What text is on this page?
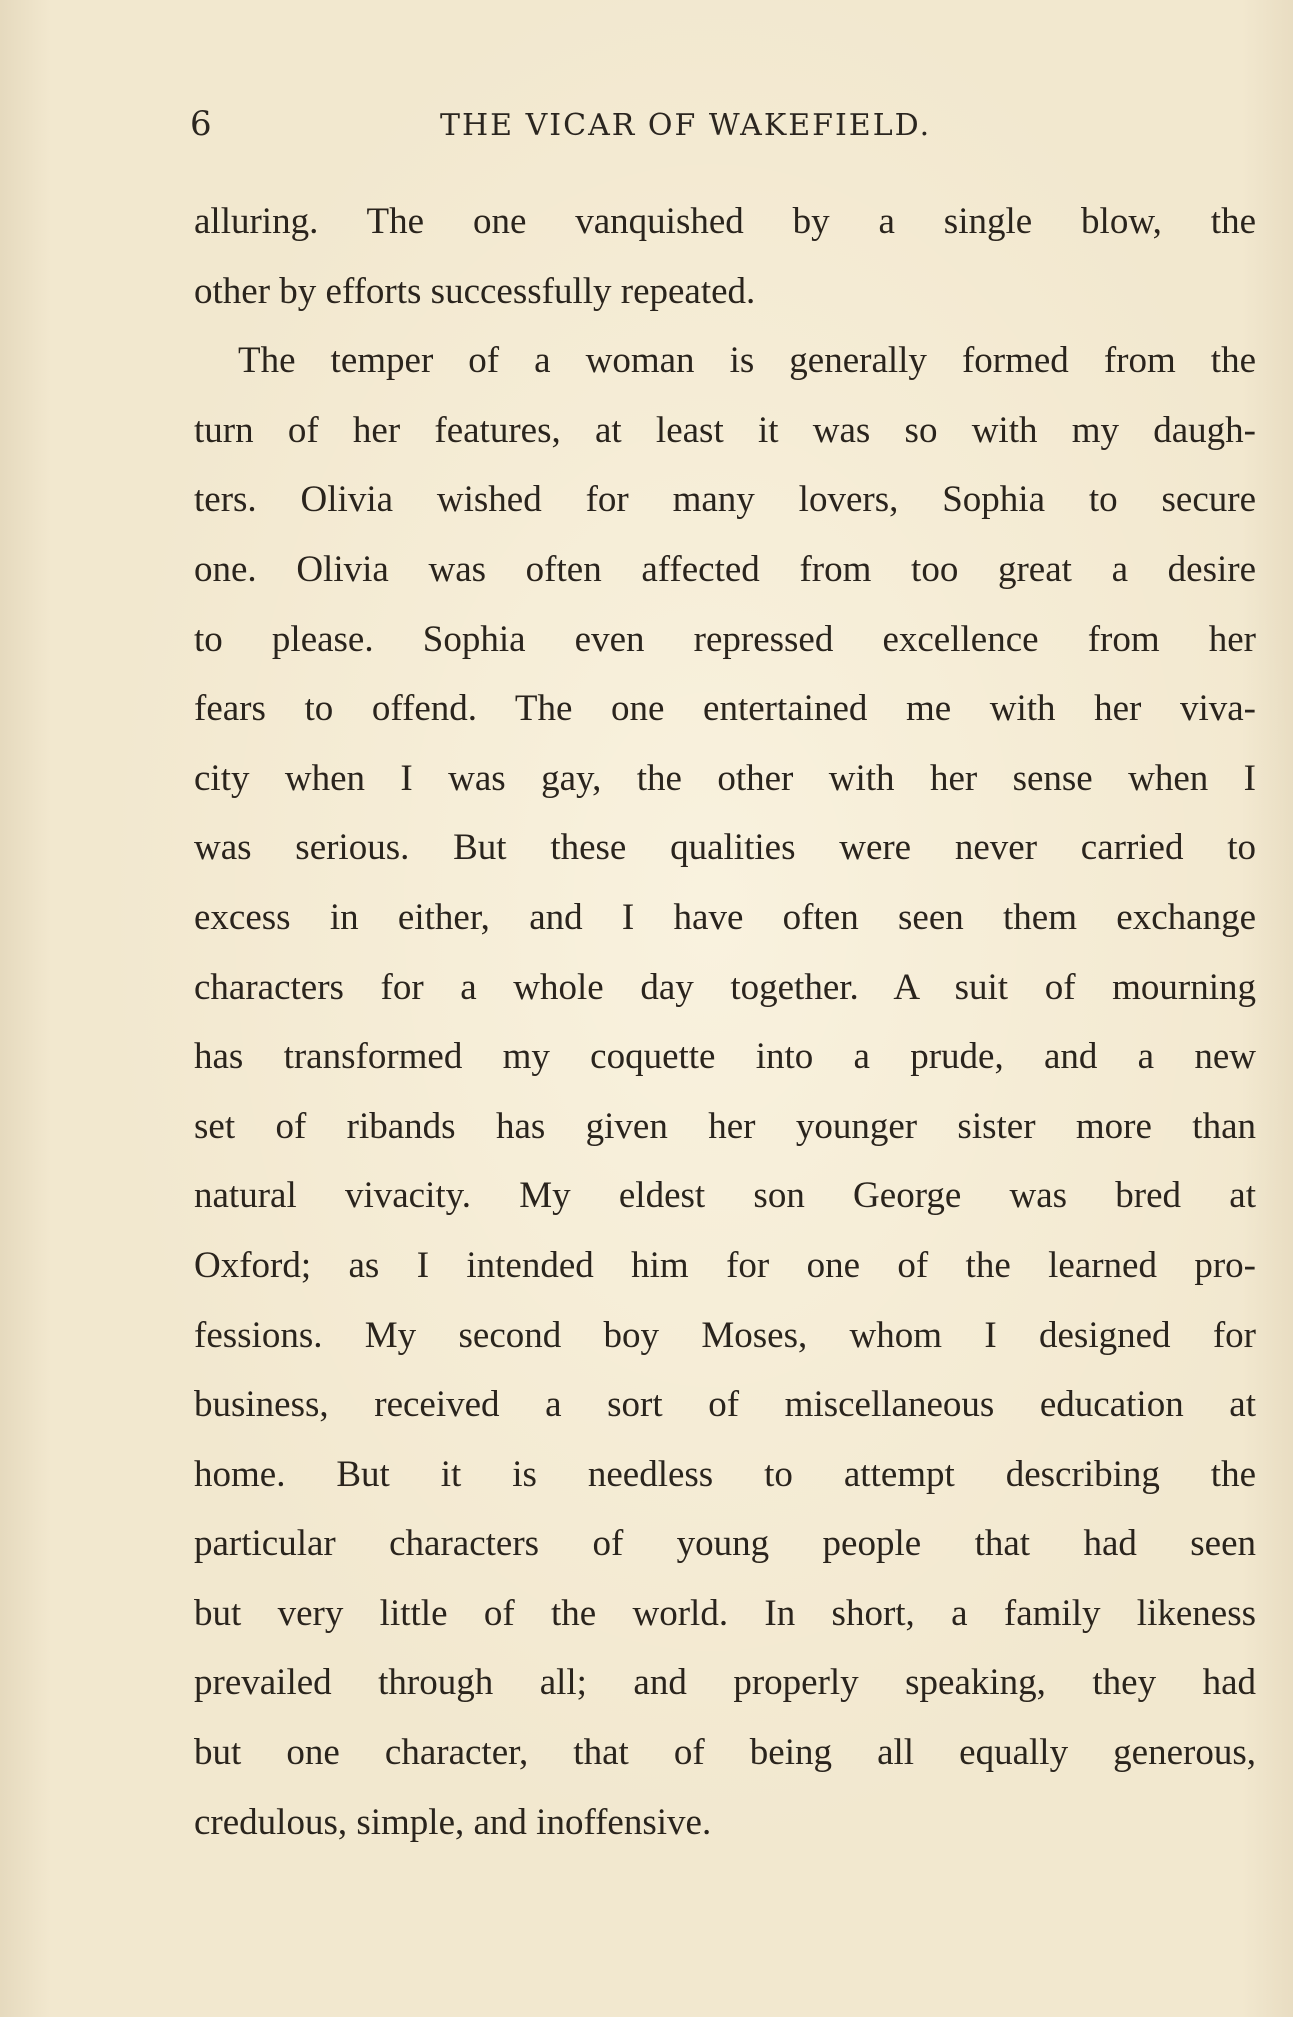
6	THE VICAR OF WAKEFIELD.
alluring. The one vanquished by a single blow, the
other by efforts successfully repeated.
The temper of a woman is generally formed from the
turn of her features, at least it was so with my daugh-
ters. Olivia wished for many lovers, Sophia to secure
one. Olivia was often affected from too great a desire
to please. Sophia even repressed excellence from her
fears to offend. The one entertained me with her viva-
city when I was gay, the other with her sense when I
was serious. But these qualities were never carried to
excess in either, and I have often seen them exchange
characters for a whole day together. A suit of mourning
has transformed my coquette into a prude, and a new
set of ribands has given her younger sister more than
natural vivacity. My eldest son George was bred at
Oxford; as I intended him for one of the learned pro-
fessions. My second boy Moses, whom I designed for
business, received a sort of miscellaneous education at
home. But it is needless to attempt describing the
particular characters of young people that had seen
but very little of the world. In short, a family likeness
prevailed through all; and properly speaking, they had
but one character, that of being all equally generous,
credulous, simple, and inoffensive.
